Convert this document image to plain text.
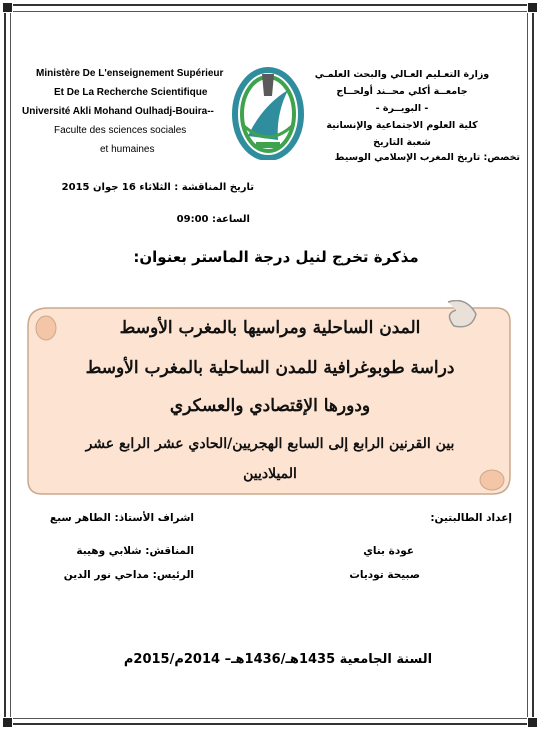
Ministère De L'enseignement Supérieur
Et De La Recherche Scientifique
Université Akli Mohand Oulhadj-Bouira--
Faculte des sciences sociales
et humaines
وزارة التعـليم العـالي والبحث العلمـي
جامعــة أكلي محــند أولحــاج
- البويــرة -
كلية العلوم الاجتماعية والإنسانية
شعبة التاريخ
تخصص: تاريخ المغرب الإسلامي الوسيط
تاريخ المناقشة : الثلاثاء 16 جوان 2015
الساعة: 09:00
مذكرة تخرج لنيل درجة الماستر بعنوان:
المدن الساحلية ومراسيها بالمغرب الأوسط
دراسة طوبوغرافية للمدن الساحلية بالمغرب الأوسط
ودورها الإقتصادي والعسكري
بين القرنين الرابع إلى السابع الهجريين/الحادي عشر الرابع عشر
الميلاديين
إعداد الطالبتين:
عودة بناي
صبيحة توديات
اشراف الأستاذ: الطاهر سبع
المناقش: شلابي وهيبة
الرئيس: مداحي نور الدين
السنة الجامعية 1435هـ/1436هـ– 2014م/2015م
